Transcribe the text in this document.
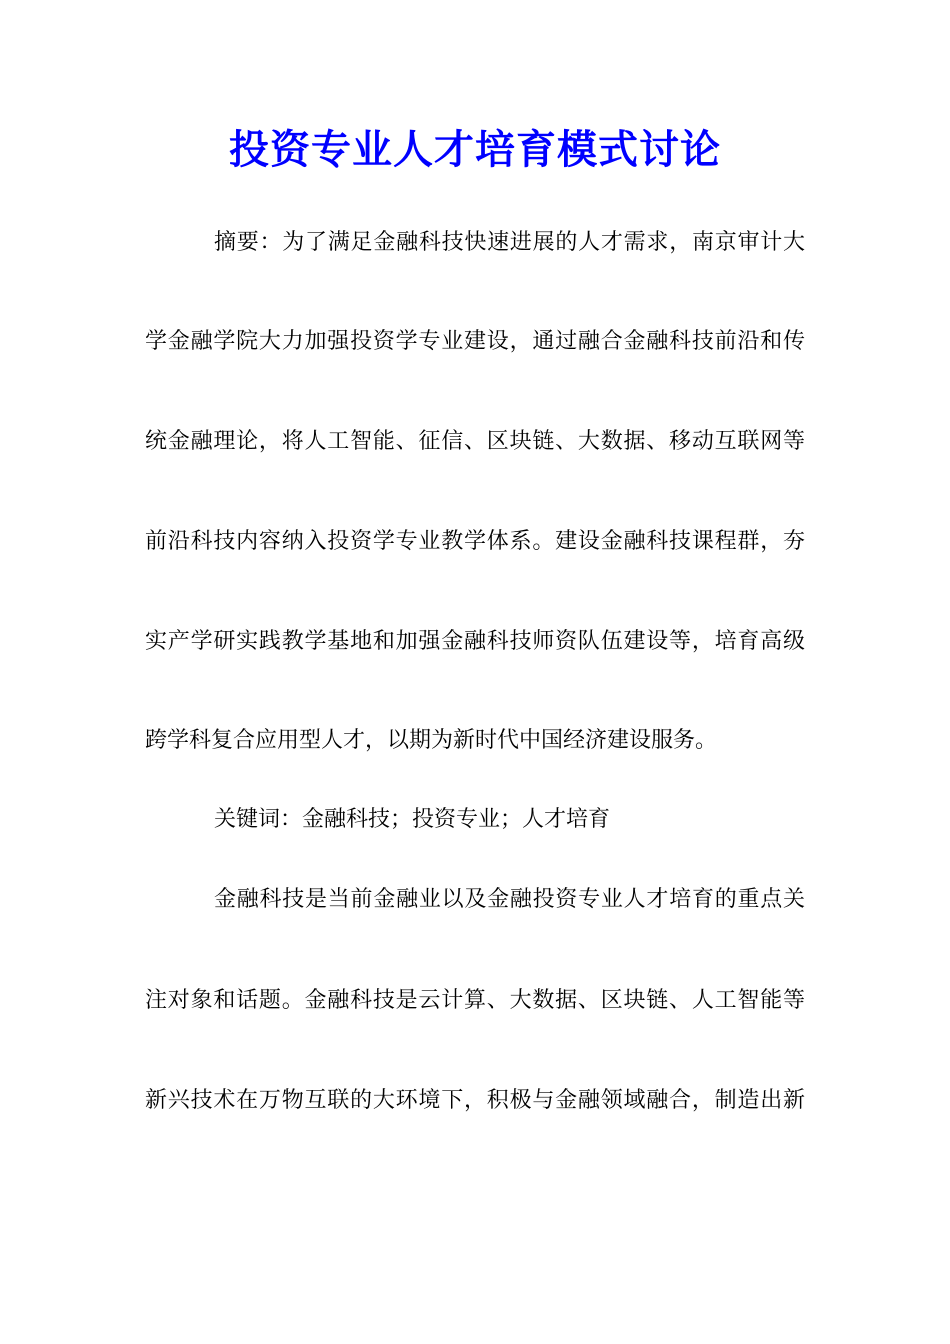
投资专业人才培育模式讨论
摘要：为了满足金融科技快速进展的人才需求，南京审计大
学金融学院大力加强投资学专业建设，通过融合金融科技前沿和传
统金融理论，将人工智能、征信、区块链、大数据、移动互联网等
前沿科技内容纳入投资学专业教学体系。建设金融科技课程群，夯
实产学研实践教学基地和加强金融科技师资队伍建设等，培育高级
跨学科复合应用型人才，以期为新时代中国经济建设服务。
关键词：金融科技；投资专业；人才培育
金融科技是当前金融业以及金融投资专业人才培育的重点关
注对象和话题。金融科技是云计算、大数据、区块链、人工智能等
新兴技术在万物互联的大环境下，积极与金融领域融合，制造出新
